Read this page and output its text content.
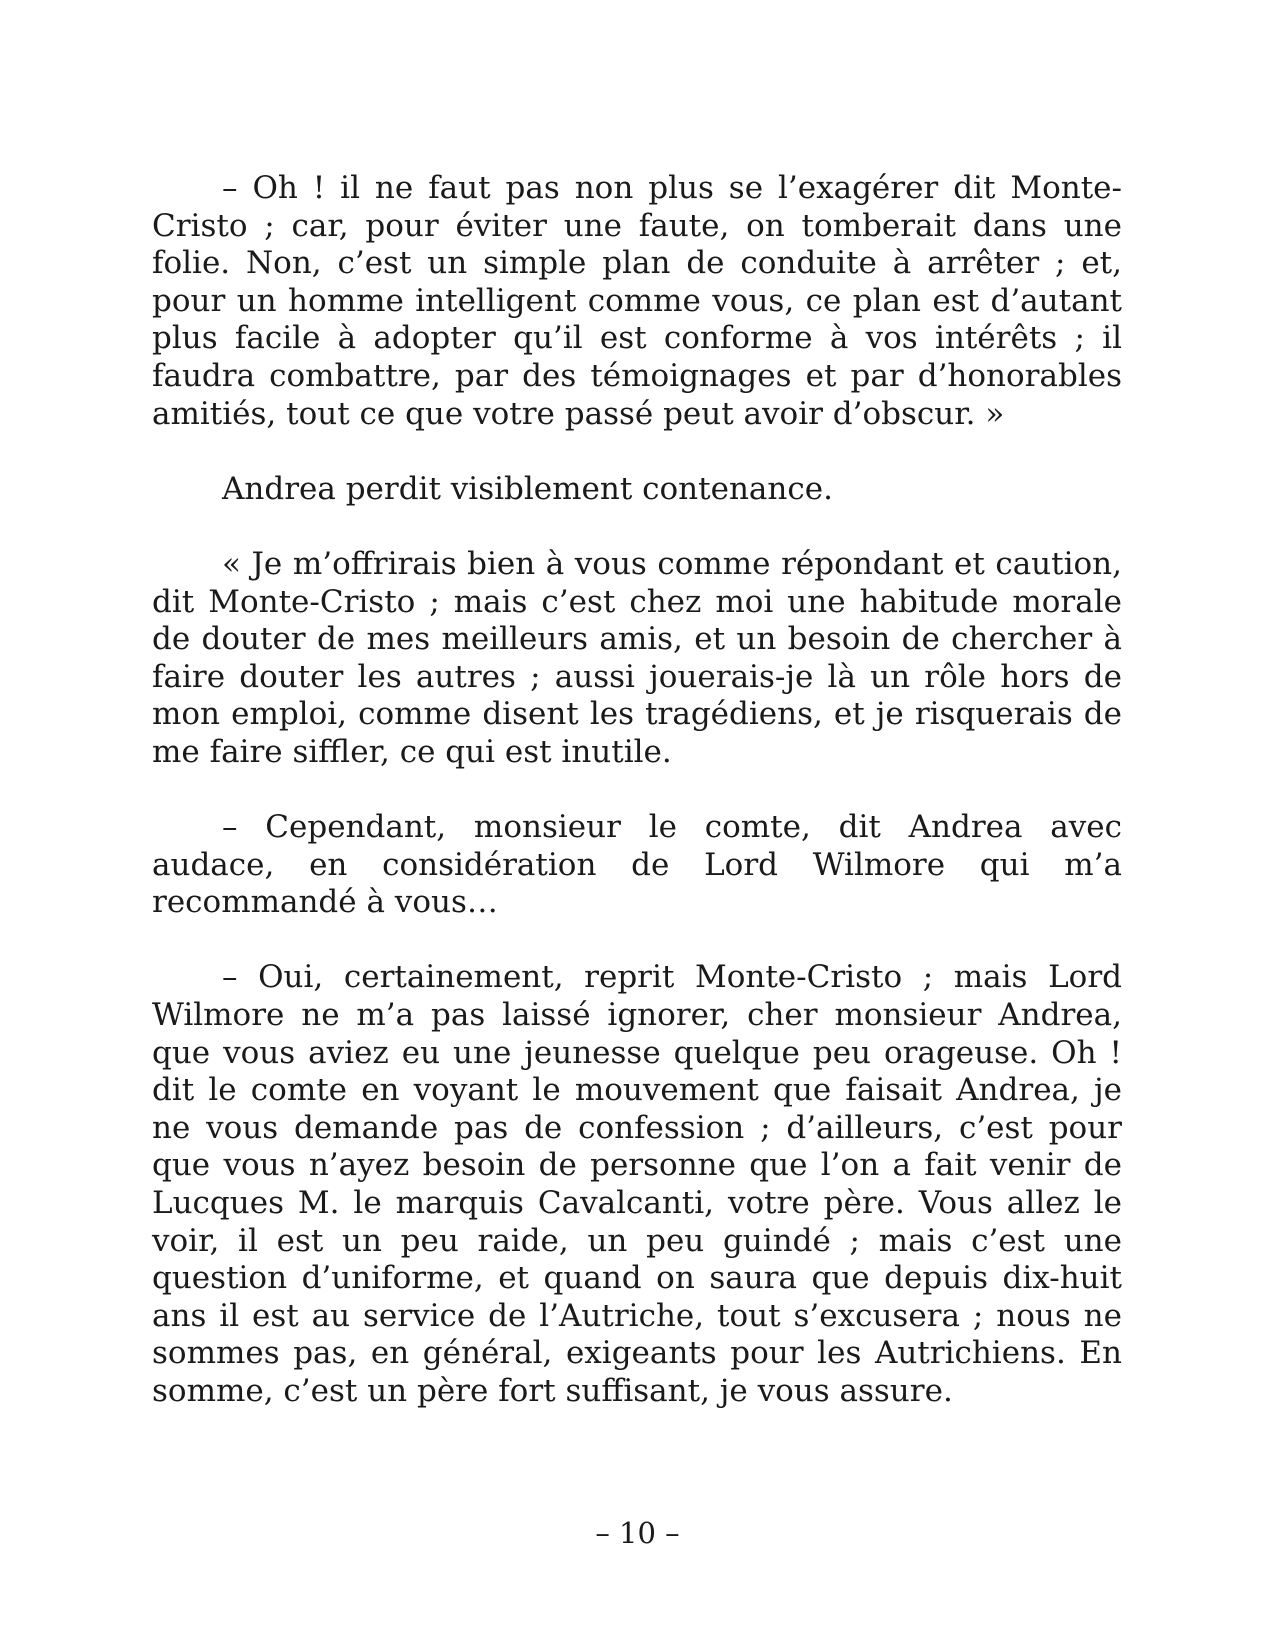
– Oh ! il ne faut pas non plus se l’exagérer dit Monte-Cristo ; car, pour éviter une faute, on tomberait dans une folie. Non, c’est un simple plan de conduite à arrêter ; et, pour un homme intelligent comme vous, ce plan est d’autant plus facile à adopter qu’il est conforme à vos intérêts ; il faudra combattre, par des témoignages et par d’honorables amitiés, tout ce que votre passé peut avoir d’obscur. »

Andrea perdit visiblement contenance.

« Je m’offrirais bien à vous comme répondant et caution, dit Monte-Cristo ; mais c’est chez moi une habitude morale de douter de mes meilleurs amis, et un besoin de chercher à faire douter les autres ; aussi jouerais-je là un rôle hors de mon emploi, comme disent les tragédiens, et je risquerais de me faire siffler, ce qui est inutile.

– Cependant, monsieur le comte, dit Andrea avec audace, en considération de Lord Wilmore qui m’a recommandé à vous…

– Oui, certainement, reprit Monte-Cristo ; mais Lord Wilmore ne m’a pas laissé ignorer, cher monsieur Andrea, que vous aviez eu une jeunesse quelque peu orageuse. Oh ! dit le comte en voyant le mouvement que faisait Andrea, je ne vous demande pas de confession ; d’ailleurs, c’est pour que vous n’ayez besoin de personne que l’on a fait venir de Lucques M. le marquis Cavalcanti, votre père. Vous allez le voir, il est un peu raide, un peu guindé ; mais c’est une question d’uniforme, et quand on saura que depuis dix-huit ans il est au service de l’Autriche, tout s’excusera ; nous ne sommes pas, en général, exigeants pour les Autrichiens. En somme, c’est un père fort suffisant, je vous assure.

– 10 –
